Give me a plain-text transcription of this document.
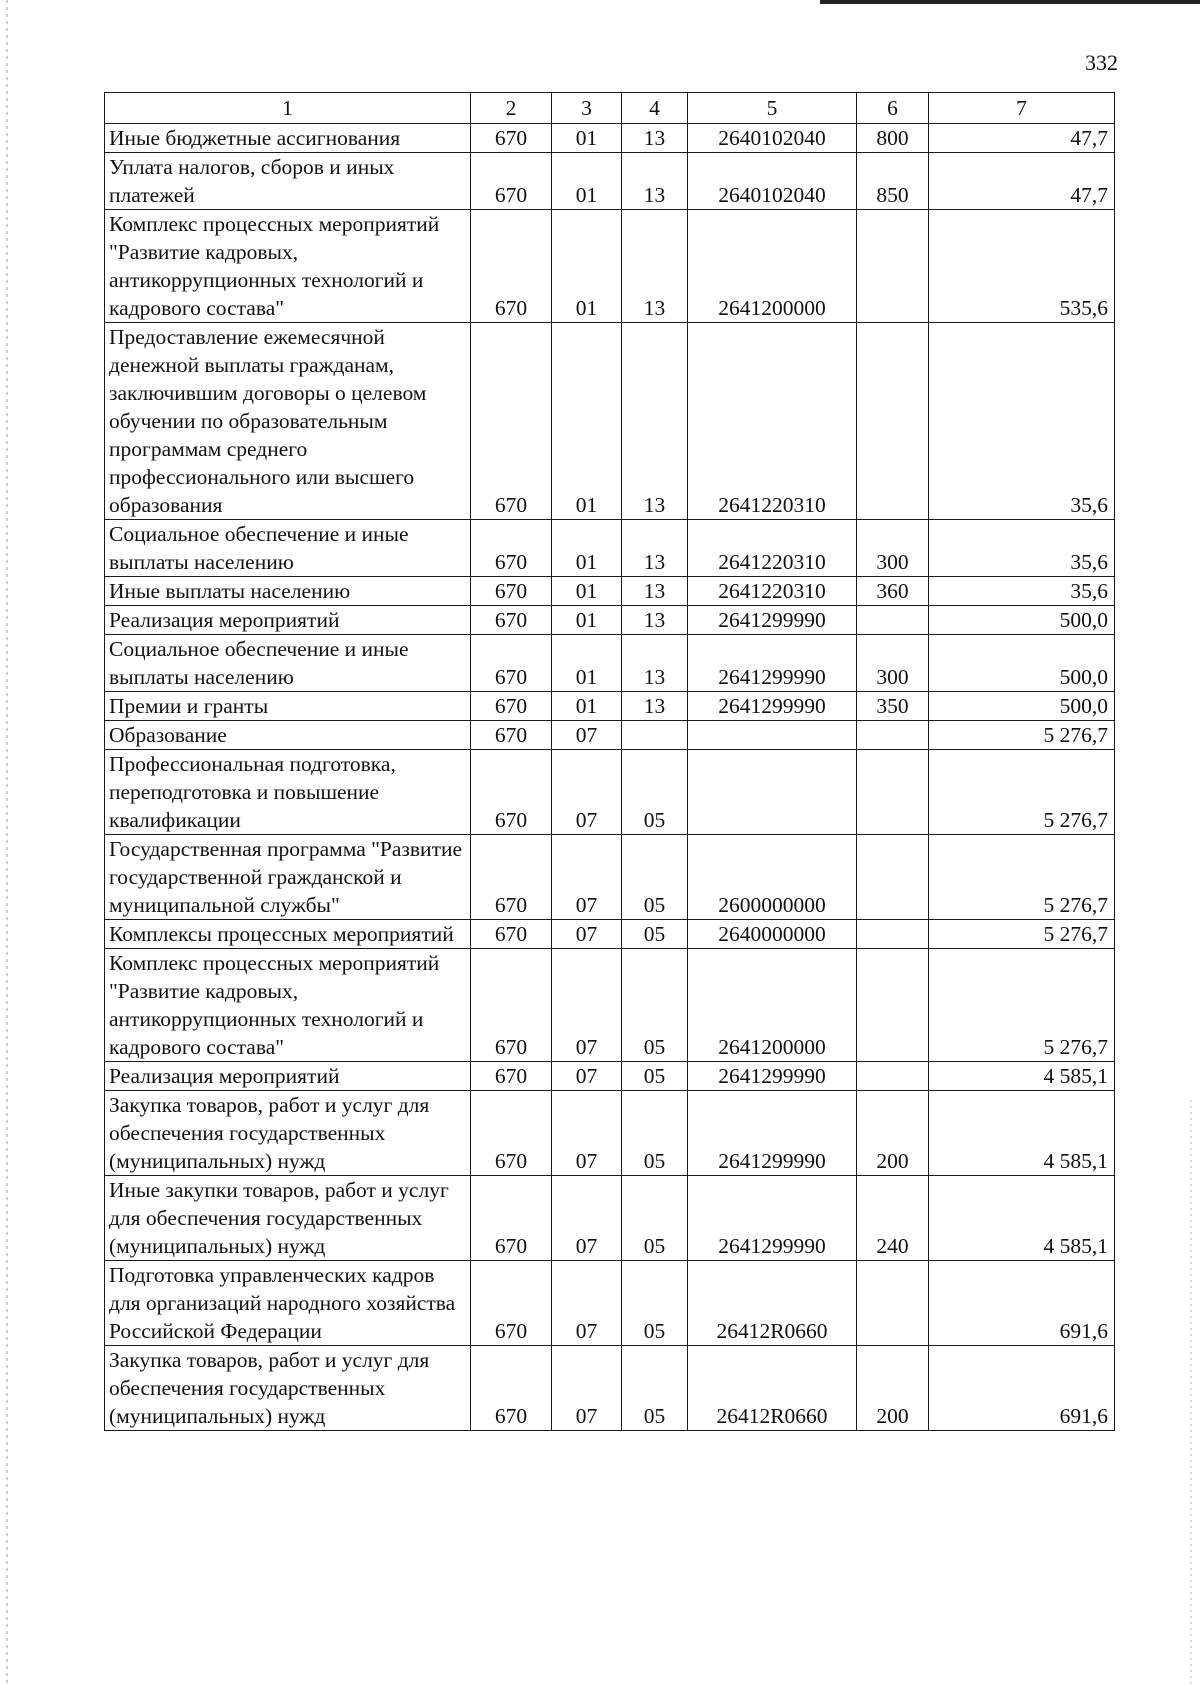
332
1	2	3	4	5	6	7
Иные бюджетные ассигнования	670	01	13	2640102040	800	47,7
Уплата налогов, сборов и иных платежей	670	01	13	2640102040	850	47,7
Комплекс процессных мероприятий "Развитие кадровых, антикоррупционных технологий и кадрового состава"	670	01	13	2641200000		535,6
Предоставление ежемесячной денежной выплаты гражданам, заключившим договоры о целевом обучении по образовательным программам среднего профессионального или высшего образования	670	01	13	2641220310		35,6
Социальное обеспечение и иные выплаты населению	670	01	13	2641220310	300	35,6
Иные выплаты населению	670	01	13	2641220310	360	35,6
Реализация мероприятий	670	01	13	2641299990		500,0
Социальное обеспечение и иные выплаты населению	670	01	13	2641299990	300	500,0
Премии и гранты	670	01	13	2641299990	350	500,0
Образование	670	07				5 276,7
Профессиональная подготовка, переподготовка и повышение квалификации	670	07	05			5 276,7
Государственная программа "Развитие государственной гражданской и муниципальной службы"	670	07	05	2600000000		5 276,7
Комплексы процессных мероприятий	670	07	05	2640000000		5 276,7
Комплекс процессных мероприятий "Развитие кадровых, антикоррупционных технологий и кадрового состава"	670	07	05	2641200000		5 276,7
Реализация мероприятий	670	07	05	2641299990		4 585,1
Закупка товаров, работ и услуг для обеспечения государственных (муниципальных) нужд	670	07	05	2641299990	200	4 585,1
Иные закупки товаров, работ и услуг для обеспечения государственных (муниципальных) нужд	670	07	05	2641299990	240	4 585,1
Подготовка управленческих кадров для организаций народного хозяйства Российской Федерации	670	07	05	26412R0660		691,6
Закупка товаров, работ и услуг для обеспечения государственных (муниципальных) нужд	670	07	05	26412R0660	200	691,6
